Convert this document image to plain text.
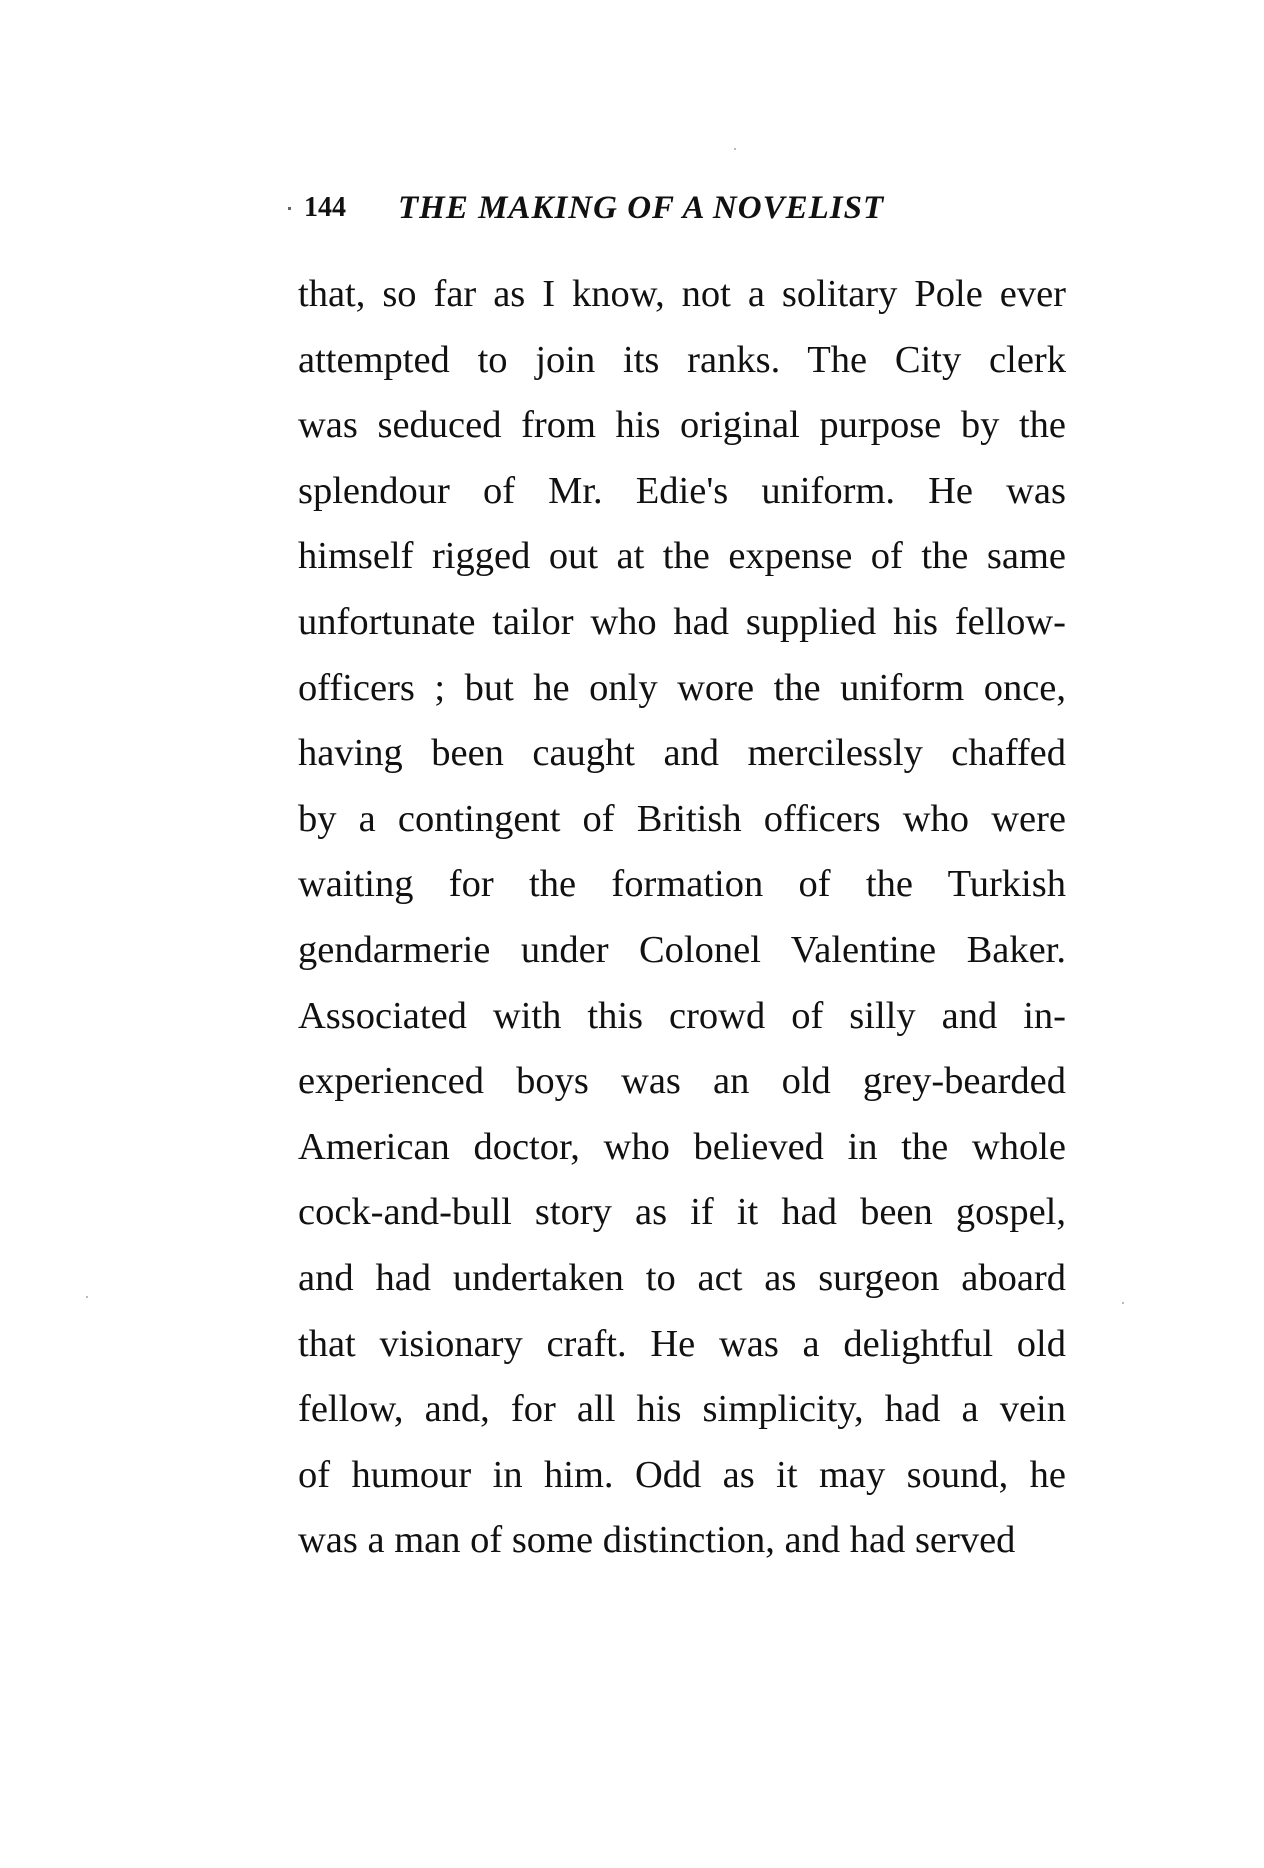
144 THE MAKING OF A NOVELIST
that, so far as I know, not a solitary Pole ever
attempted to join its ranks. The City clerk
was seduced from his original purpose by the
splendour of Mr. Edie's uniform. He was
himself rigged out at the expense of the same
unfortunate tailor who had supplied his fellow-
officers ; but he only wore the uniform once,
having been caught and mercilessly chaffed
by a contingent of British officers who were
waiting for the formation of the Turkish
gendarmerie under Colonel Valentine Baker.
Associated with this crowd of silly and in-
experienced boys was an old grey-bearded
American doctor, who believed in the whole
cock-and-bull story as if it had been gospel,
and had undertaken to act as surgeon aboard
that visionary craft. He was a delightful old
fellow, and, for all his simplicity, had a vein
of humour in him. Odd as it may sound, he
was a man of some distinction, and had served
